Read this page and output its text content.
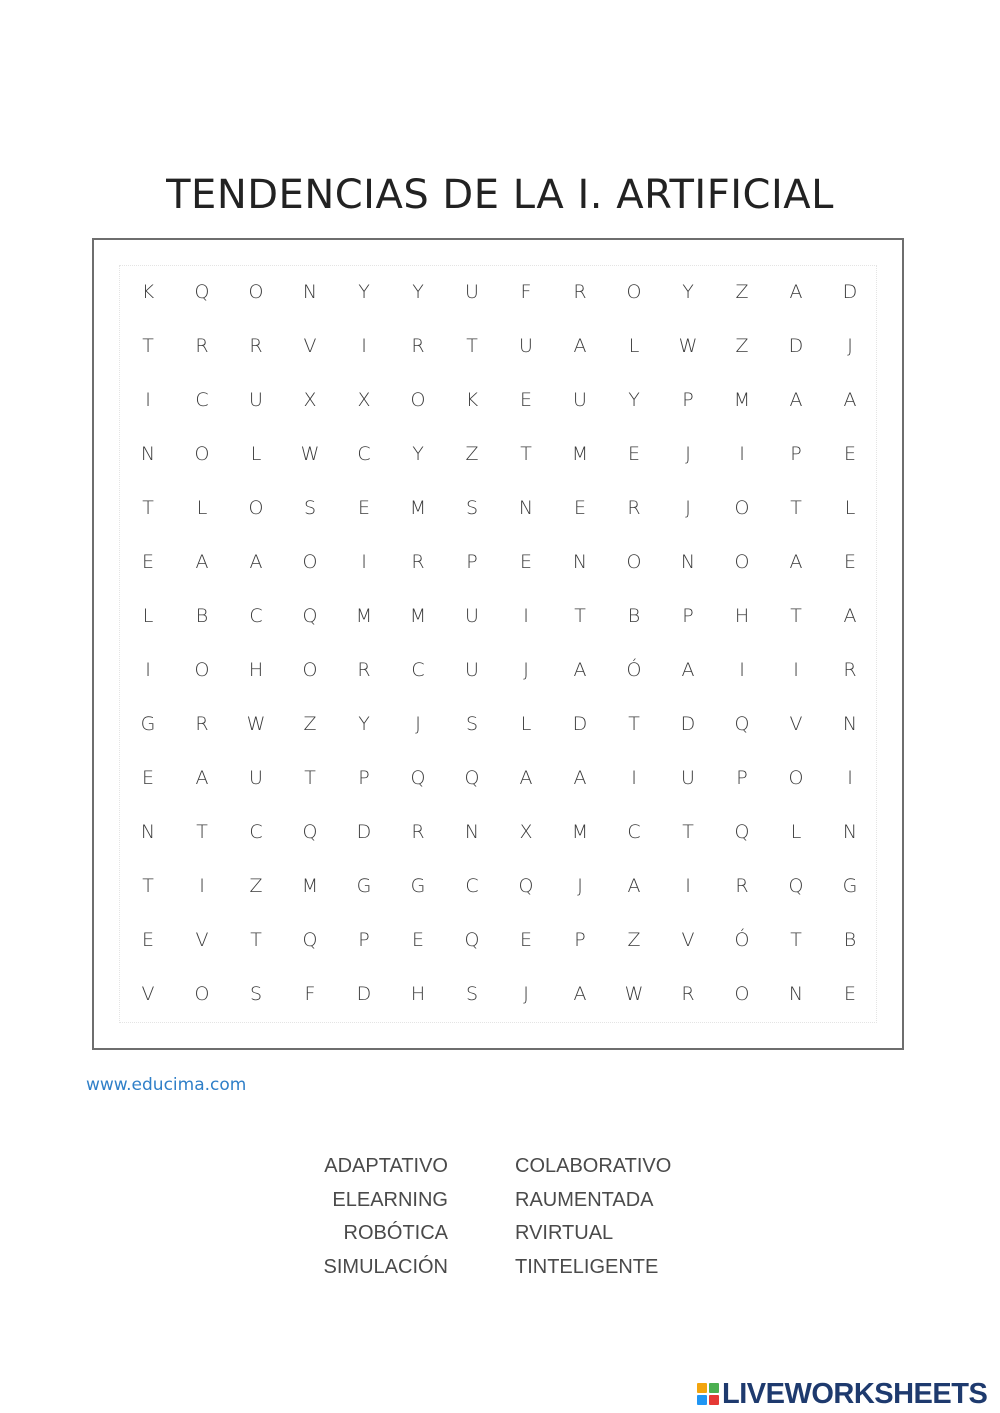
TENDENCIAS DE LA I. ARTIFICIAL
K	Q	O	N	Y	Y	U	F	R	O	Y	Z	A	D
T	R	R	V	I	R	T	U	A	L	W	Z	D	J
I	C	U	X	X	O	K	E	U	Y	P	M	A	A
N	O	L	W	C	Y	Z	T	M	E	J	I	P	E
T	L	O	S	E	M	S	N	E	R	J	O	T	L
E	A	A	O	I	R	P	E	N	O	N	O	A	E
L	B	C	Q	M	M	U	I	T	B	P	H	T	A
I	O	H	O	R	C	U	J	A	Ó	A	I	I	R
G	R	W	Z	Y	J	S	L	D	T	D	Q	V	N
E	A	U	T	P	Q	Q	A	A	I	U	P	O	I
N	T	C	Q	D	R	N	X	M	C	T	Q	L	N
T	I	Z	M	G	G	C	Q	J	A	I	R	Q	G
E	V	T	Q	P	E	Q	E	P	Z	V	Ó	T	B
V	O	S	F	D	H	S	J	A	W	R	O	N	E
www.educima.com
ADAPTATIVO
ELEARNING
ROBÓTICA
SIMULACIÓN
COLABORATIVO
RAUMENTADA
RVIRTUAL
TINTELIGENTE
LIVEWORKSHEETS
